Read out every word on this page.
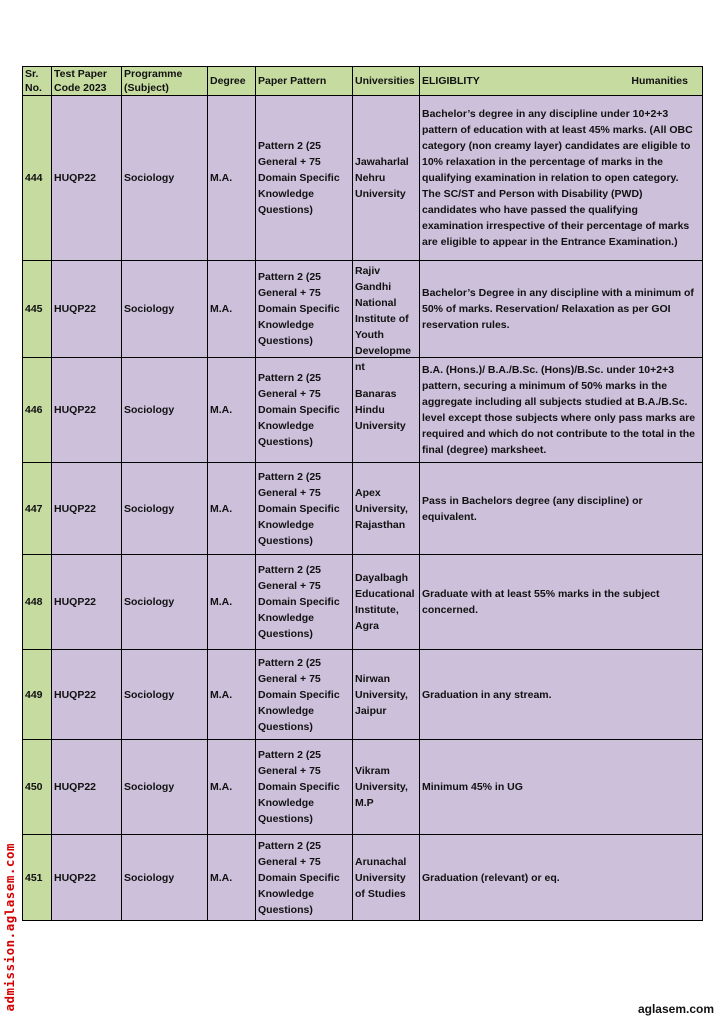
Sr. No.	Test Paper Code 2023	Programme (Subject)	Degree	Paper Pattern	Universities	ELIGIBLITY Humanities

444	HUQP22	Sociology	M.A.	Pattern 2 (25 General + 75 Domain Specific Knowledge Questions)	Jawaharlal Nehru University	Bachelor’s degree in any discipline under 10+2+3 pattern of education with at least 45% marks. (All OBC category (non creamy layer) candidates are eligible to 10% relaxation in the percentage of marks in the qualifying examination in relation to open category. The SC/ST and Person with Disability (PWD) candidates who have passed the qualifying examination irrespective of their percentage of marks are eligible to appear in the Entrance Examination.)
445	HUQP22	Sociology	M.A.	Pattern 2 (25 General + 75 Domain Specific Knowledge Questions)	Rajiv Gandhi National Institute of Youth Development	Bachelor’s Degree in any discipline with a minimum of 50% of marks. Reservation/ Relaxation as per GOI reservation rules.
446	HUQP22	Sociology	M.A.	Pattern 2 (25 General + 75 Domain Specific Knowledge Questions)	Banaras Hindu University	B.A. (Hons.)/ B.A./B.Sc. (Hons)/B.Sc. under 10+2+3 pattern, securing a minimum of 50% marks in the aggregate including all subjects studied at B.A./B.Sc. level except those subjects where only pass marks are required and which do not contribute to the total in the final (degree) marksheet.
447	HUQP22	Sociology	M.A.	Pattern 2 (25 General + 75 Domain Specific Knowledge Questions)	Apex University, Rajasthan	Pass in Bachelors degree (any discipline) or equivalent.
448	HUQP22	Sociology	M.A.	Pattern 2 (25 General + 75 Domain Specific Knowledge Questions)	Dayalbagh Educational Institute, Agra	Graduate with at least 55% marks in the subject concerned.
449	HUQP22	Sociology	M.A.	Pattern 2 (25 General + 75 Domain Specific Knowledge Questions)	Nirwan University, Jaipur	Graduation in any stream.
450	HUQP22	Sociology	M.A.	Pattern 2 (25 General + 75 Domain Specific Knowledge Questions)	Vikram University, M.P	Minimum 45% in UG
451	HUQP22	Sociology	M.A.	Pattern 2 (25 General + 75 Domain Specific Knowledge Questions)	Arunachal University of Studies	Graduation (relevant) or eq.
admission.aglasem.com	aglasem.com
